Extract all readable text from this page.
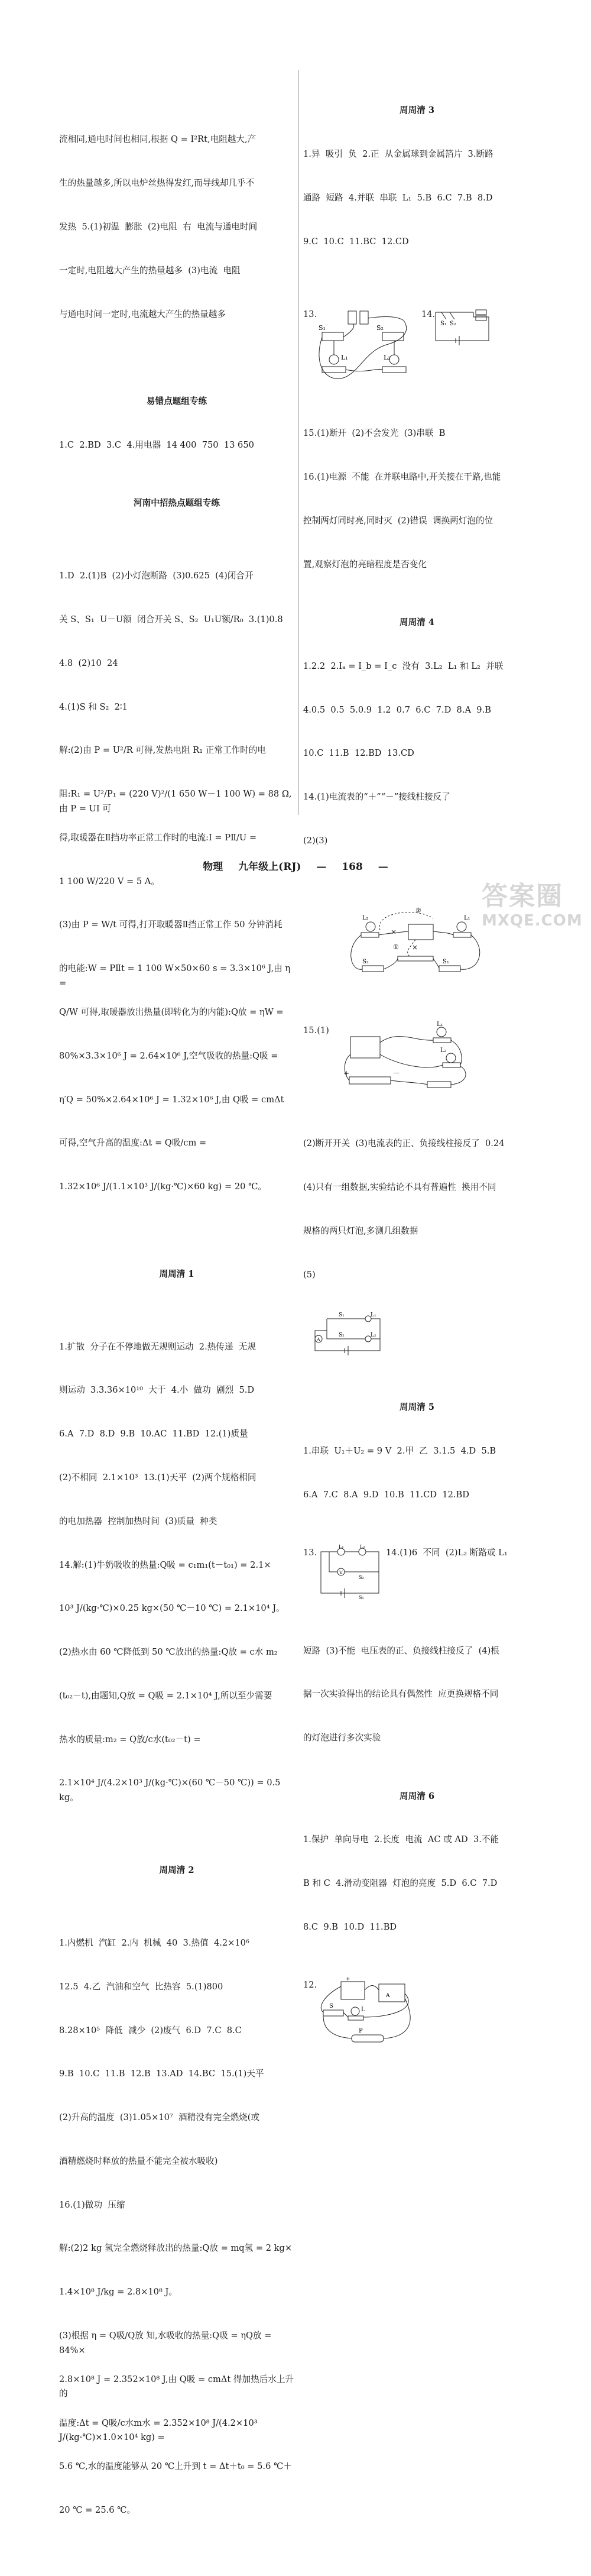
流相同,通电时间也相同,根据 Q = I²Rt,电阻越大,产

生的热量越多,所以电炉丝热得发红,而导线却几乎不

发热  5.(1)初温  膨胀  (2)电阻  右  电流与通电时间

一定时,电阻越大产生的热量越多  (3)电流  电阻

与通电时间一定时,电流越大产生的热量越多

易错点题组专练

1.C  2.BD  3.C  4.用电器  14 400  750  13 650

河南中招热点题组专练

1.D  2.(1)B  (2)小灯泡断路  (3)0.625  (4)闭合开

关 S、S₁  U－U额  闭合开关 S、S₂  U₁U额/R₀  3.(1)0.8

4.8  (2)10  24

4.(1)S 和 S₂  2∶1

解:(2)由 P = U²/R 可得,发热电阻 R₁ 正常工作时的电

阻:R₁ = U²/P₁ = (220 V)²/(1 650 W－1 100 W) = 88 Ω,由 P = UI 可

得,取暖器在Ⅱ挡功率正常工作时的电流:I = PⅡ/U =

1 100 W/220 V = 5 A。

(3)由 P = W/t 可得,打开取暖器Ⅱ挡正常工作 50 分钟消耗

的电能:W = PⅡt = 1 100 W×50×60 s = 3.3×10⁶ J,由 η =

Q/W 可得,取暖器放出热量(即转化为的内能):Q放 = ηW =

80%×3.3×10⁶ J = 2.64×10⁶ J,空气吸收的热量:Q吸 =

η′Q = 50%×2.64×10⁶ J = 1.32×10⁶ J,由 Q吸 = cmΔt

可得,空气升高的温度:Δt = Q吸/cm =

1.32×10⁶ J/(1.1×10³ J/(kg·℃)×60 kg) = 20 ℃。

周周清 1

1.扩散  分子在不停地做无规则运动  2.热传递  无规

则运动  3.3.36×10¹⁰  大于  4.小  做功  剧烈  5.D

6.A  7.D  8.D  9.B  10.AC  11.BD  12.(1)质量

(2)不相同  2.1×10³  13.(1)天平  (2)两个规格相同

的电加热器  控制加热时间  (3)质量  种类

14.解:(1)牛奶吸收的热量:Q吸 = c₁m₁(t－t₀₁) = 2.1×

10³ J/(kg·℃)×0.25 kg×(50 ℃－10 ℃) = 2.1×10⁴ J。

(2)热水由 60 ℃降低到 50 ℃放出的热量:Q放 = c水 m₂

(t₀₂－t),由题知,Q放 = Q吸 = 2.1×10⁴ J,所以至少需要

热水的质量:m₂ = Q放/c水(t₀₂－t) =

2.1×10⁴ J/(4.2×10³ J/(kg·℃)×(60 ℃－50 ℃)) = 0.5 kg。

周周清 2

1.内燃机  汽缸  2.内  机械  40  3.热值  4.2×10⁶

12.5  4.乙  汽油和空气  比热容  5.(1)800

8.28×10⁵  降低  减少  (2)废气  6.D  7.C  8.C

9.B  10.C  11.B  12.B  13.AD  14.BC  15.(1)天平

(2)升高的温度  (3)1.05×10⁷  酒精没有完全燃烧(或

酒精燃烧时释放的热量不能完全被水吸收)

16.(1)做功  压缩

解:(2)2 kg 氢完全燃烧释放出的热量:Q放 = mq氢 = 2 kg×

1.4×10⁸ J/kg = 2.8×10⁸ J。

(3)根据 η = Q吸/Q放 知,水吸收的热量:Q吸 = ηQ放 = 84%×

2.8×10⁸ J = 2.352×10⁸ J,由 Q吸 = cmΔt 得加热后水上升的

温度:Δt = Q吸/c水m水 = 2.352×10⁸ J/(4.2×10³ J/(kg·℃)×1.0×10⁴ kg) =

5.6 ℃,水的温度能够从 20 ℃上升到 t = Δt＋t₀ = 5.6 ℃＋

20 ℃ = 25.6 ℃。

周周清 3

1.异  吸引  负  2.正  从金属球到金属箔片  3.断路

通路  短路  4.并联  串联  L₁  5.B  6.C  7.B  8.D

9.C  10.C  11.BC  12.CD

13.

S₁	S₂
L₁	L₂

14.

S₁ S₂

15.(1)断开  (2)不会发光  (3)串联  B

16.(1)电源  不能  在并联电路中,开关接在干路,也能

控制两灯同时亮,同时灭  (2)错误  调换两灯泡的位

置,观察灯泡的亮暗程度是否变化

周周清 4

1.2.2  2.Iₐ = I_b = I_c  没有  3.L₂  L₁ 和 L₂  并联

4.0.5  0.5  5.0.9  1.2  0.7  6.C  7.D  8.A  9.B

10.C  11.B  12.BD  13.CD

14.(1)电流表的“＋”“－”接线柱接反了

(2)(3)

L₂	L₁
②
①
S₂	S₁

15.(1)

L₁
L₂
+	－

(2)断开开关  (3)电流表的正、负接线柱接反了  0.24

(4)只有一组数据,实验结论不具有普遍性  换用不同

规格的两只灯泡,多测几组数据

(5)

A
S₁
S₂
L₁
L₂

周周清 5

1.串联  U₁＋U₂ = 9 V  2.甲  乙  3.1.5  4.D  5.B

6.A  7.C  8.A  9.D  10.B  11.CD  12.BD

13.

V
L₁	L₂
S₂
S₁

14.(1)6  不同  (2)L₂ 断路或 L₁

短路  (3)不能  电压表的正、负接线柱接反了  (4)根

据一次实验得出的结论具有偶然性  应更换规格不同

的灯泡进行多次实验

周周清 6

1.保护  单向导电  2.长度  电流  AC 或 AD  3.不能

B 和 C  4.滑动变阻器  灯泡的亮度  5.D  6.C  7.D

8.C  9.B  10.D  11.BD

12.

+
A
S
L
P

物理 九年级上(RJ) — 168 —
答案圈
MXQE.COM
